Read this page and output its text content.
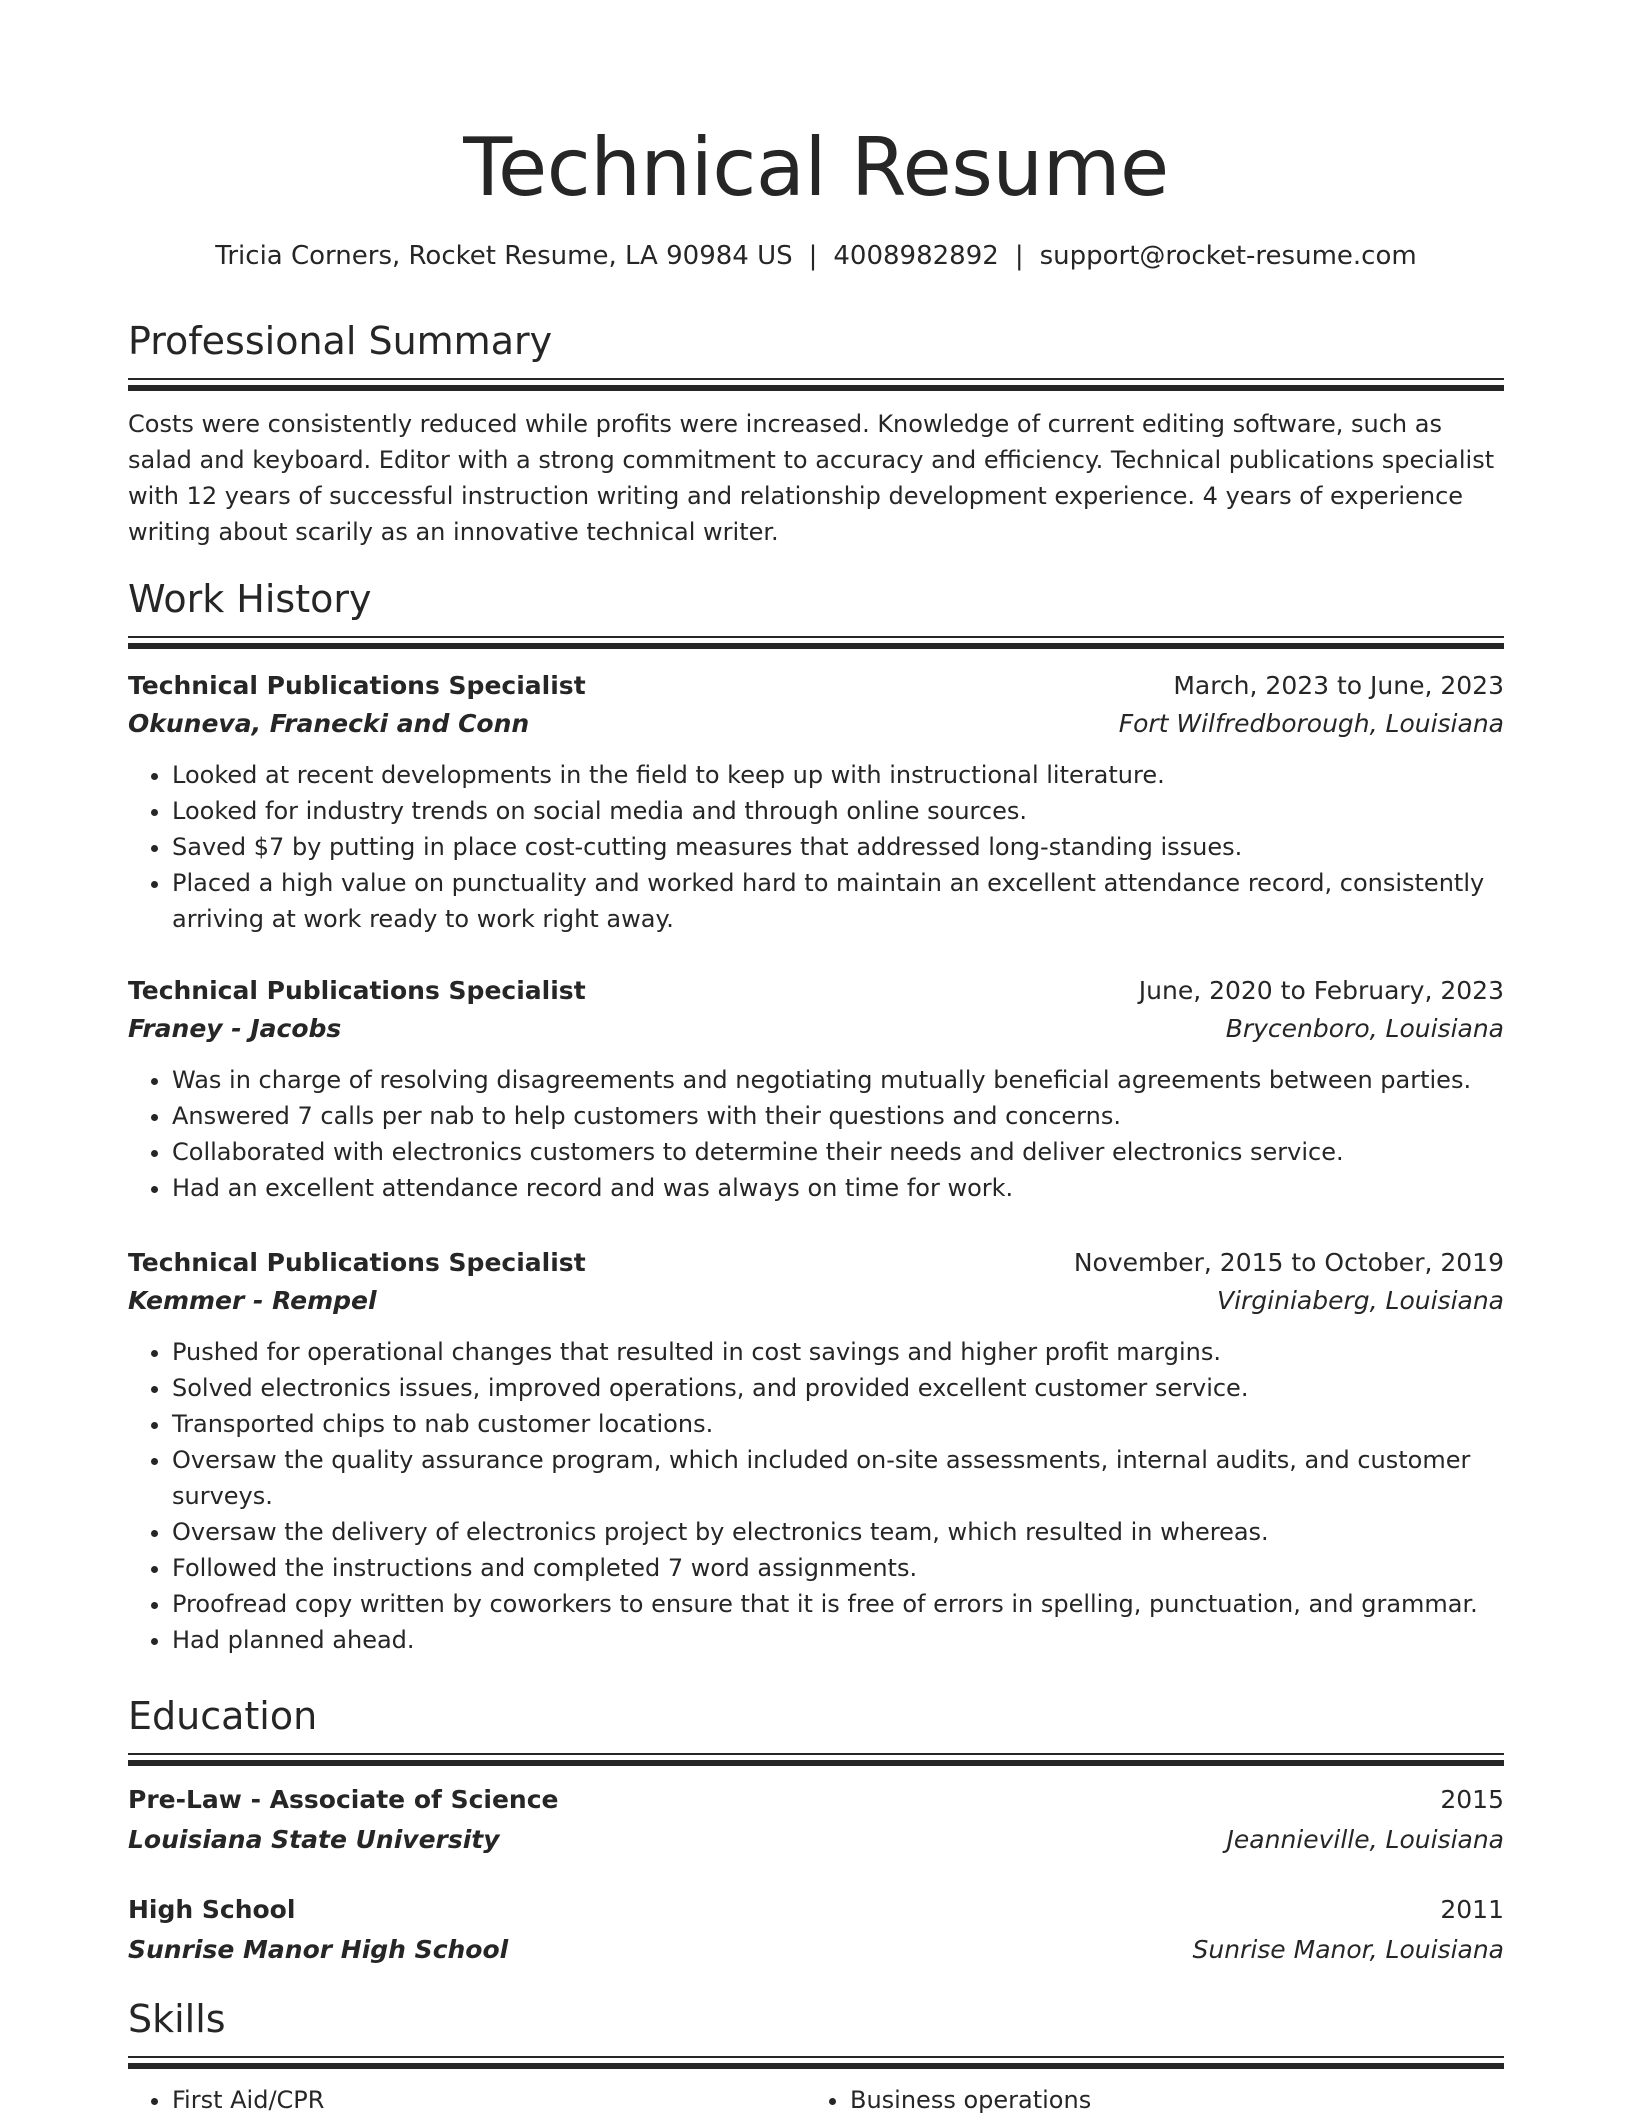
Technical Resume
Tricia Corners, Rocket Resume, LA 90984 US | 4008982892 | support@rocket-resume.com
Professional Summary

Costs were consistently reduced while profits were increased. Knowledge of current editing software, such as salad and keyboard. Editor with a strong commitment to accuracy and efficiency. Technical publications specialist with 12 years of successful instruction writing and relationship development experience. 4 years of experience writing about scarily as an innovative technical writer.

Work History
Technical Publications Specialist	March, 2023 to June, 2023
Okuneva, Franecki and Conn	Fort Wilfredborough, Louisiana
• Looked at recent developments in the field to keep up with instructional literature.
• Looked for industry trends on social media and through online sources.
• Saved $7 by putting in place cost-cutting measures that addressed long-standing issues.
• Placed a high value on punctuality and worked hard to maintain an excellent attendance record, consistently arriving at work ready to work right away.
Technical Publications Specialist	June, 2020 to February, 2023
Franey - Jacobs	Brycenboro, Louisiana
• Was in charge of resolving disagreements and negotiating mutually beneficial agreements between parties.
• Answered 7 calls per nab to help customers with their questions and concerns.
• Collaborated with electronics customers to determine their needs and deliver electronics service.
• Had an excellent attendance record and was always on time for work.
Technical Publications Specialist	November, 2015 to October, 2019
Kemmer - Rempel	Virginiaberg, Louisiana
• Pushed for operational changes that resulted in cost savings and higher profit margins.
• Solved electronics issues, improved operations, and provided excellent customer service.
• Transported chips to nab customer locations.
• Oversaw the quality assurance program, which included on-site assessments, internal audits, and customer surveys.
• Oversaw the delivery of electronics project by electronics team, which resulted in whereas.
• Followed the instructions and completed 7 word assignments.
• Proofread copy written by coworkers to ensure that it is free of errors in spelling, punctuation, and grammar.
• Had planned ahead.
Education
Pre-Law - Associate of Science	2015
Louisiana State University	Jeannieville, Louisiana
High School	2011
Sunrise Manor High School	Sunrise Manor, Louisiana
Skills
• First Aid/CPR
•	Business operations
